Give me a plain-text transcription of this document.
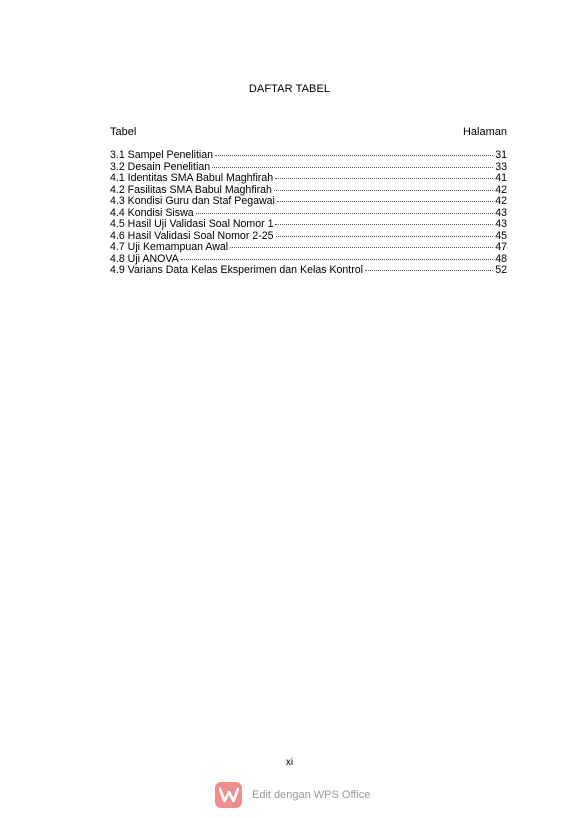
DAFTAR TABEL
Tabel	Halaman
3.1 Sampel Penelitian	31
3.2 Desain Penelitian	33
4.1 Identitas SMA Babul Maghfirah	41
4.2 Fasilitas SMA Babul Maghfirah	42
4.3 Kondisi Guru dan Staf Pegawai	42
4.4 Kondisi Siswa	43
4.5 Hasil Uji Validasi Soal Nomor 1	43
4.6 Hasil Validasi Soal Nomor 2-25	45
4.7 Uji Kemampuan Awal	47
4.8 Uji ANOVA	48
4.9 Varians Data Kelas Eksperimen dan Kelas Kontrol	52
xi
Edit dengan WPS Office
